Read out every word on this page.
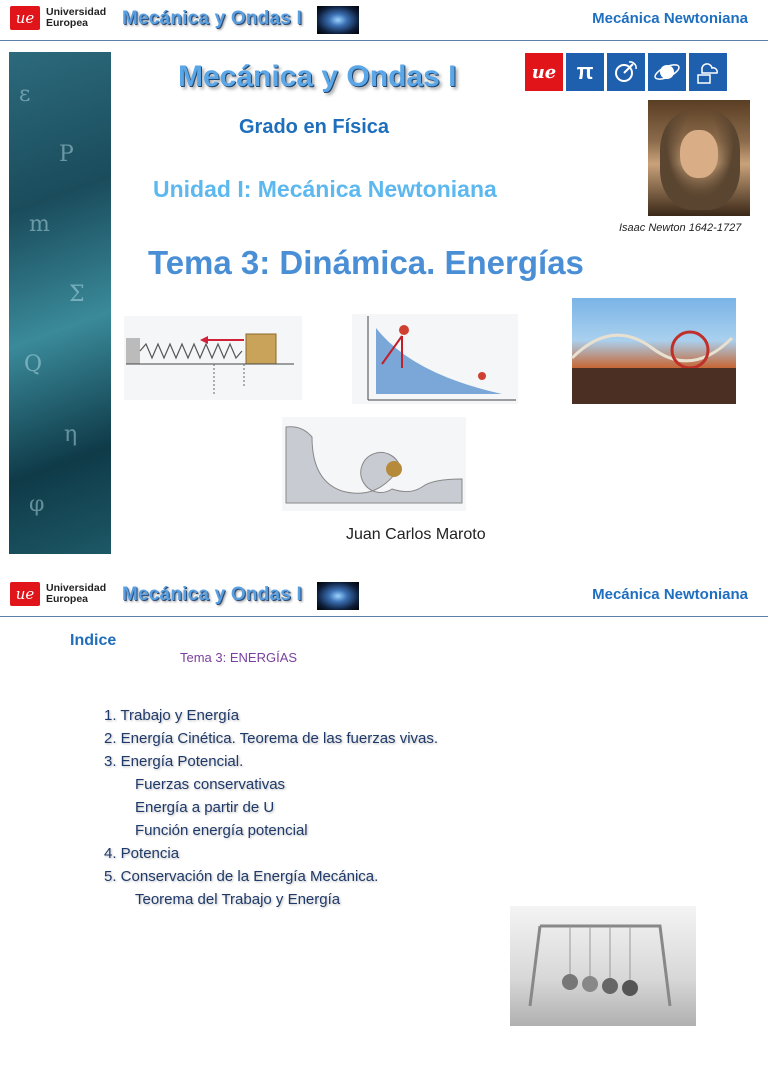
ue	Universidad
Europea	Mecánica y Ondas I	Mecánica Newtoniana
ε
P
m
Σ
Q
η
φ
Mecánica y Ondas I	ue π
Isaac Newton 1642-1727
Grado en Física
Unidad I: Mecánica Newtoniana
Tema 3: Dinámica. Energías
Juan Carlos Maroto
ue	Universidad
Europea	Mecánica y Ondas I	Mecánica Newtoniana
Indice
Tema 3: ENERGÍAS
1. Trabajo y Energía
2. Energía Cinética. Teorema de las fuerzas vivas.
3. Energía Potencial.
Fuerzas conservativas
Energía a partir de U
Función energía potencial
4. Potencia
5. Conservación de la Energía Mecánica.
Teorema del Trabajo y Energía
